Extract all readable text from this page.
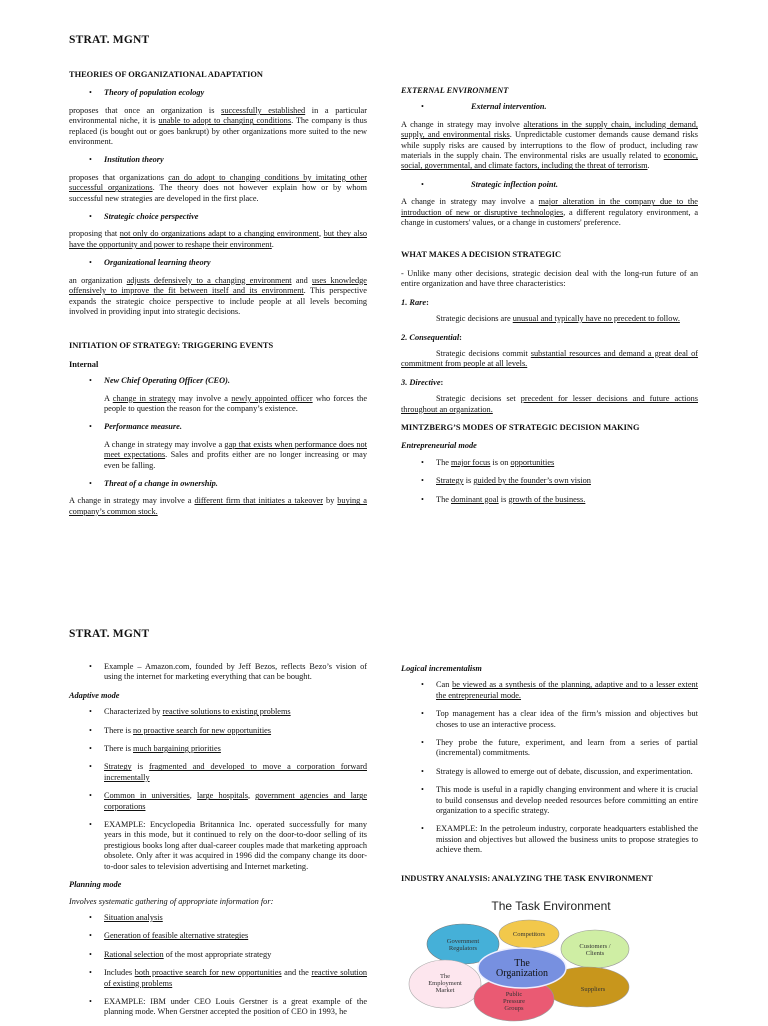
STRAT. MGNT
THEORIES OF ORGANIZATIONAL ADAPTATION
• Theory of population ecology
proposes that once an organization is successfully established in a particular environmental niche, it is unable to adopt to changing conditions. The company is thus replaced (is bought out or goes bankrupt) by other organizations more suited to the new environment.
• Institution theory
proposes that organizations can do adopt to changing conditions by imitating other successful organizations. The theory does not however explain how or by whom successful new strategies are developed in the first place.
• Strategic choice perspective
proposing that not only do organizations adapt to a changing environment, but they also have the opportunity and power to reshape their environment.
• Organizational learning theory
an organization adjusts defensively to a changing environment and uses knowledge offensively to improve the fit between itself and its environment. This perspective expands the strategic choice perspective to include people at all levels becoming involved in providing input into strategic decisions.
INITIATION OF STRATEGY: TRIGGERING EVENTS
Internal
• New Chief Operating Officer (CEO).
A change in strategy may involve a newly appointed officer who forces the people to question the reason for the company’s existence.
• Performance measure.
A change in strategy may involve a gap that exists when performance does not meet expectations. Sales and profits either are no longer increasing or may even be falling.
• Threat of a change in ownership.
A change in strategy may involve a different firm that initiates a takeover by buying a company’s common stock.
EXTERNAL ENVIRONMENT
• External intervention.
A change in strategy may involve alterations in the supply chain, including demand, supply, and environmental risks. Unpredictable customer demands cause demand risks while supply risks are caused by interruptions to the flow of product, including raw materials in the supply chain. The environmental risks are usually related to economic, social, governmental, and climate factors, including the threat of terrorism.
• Strategic inflection point.
A change in strategy may involve a major alteration in the company due to the introduction of new or disruptive technologies, a different regulatory environment, a change in customers' values, or a change in customers' preference.
WHAT MAKES A DECISION STRATEGIC
- Unlike many other decisions, strategic decision deal with the long-run future of an entire organization and have three characteristics:
1. Rare:
Strategic decisions are unusual and typically have no precedent to follow.
2. Consequential:
Strategic decisions commit substantial resources and demand a great deal of commitment from people at all levels.
3. Directive:
Strategic decisions set precedent for lesser decisions and future actions throughout an organization.
MINTZBERG’S MODES OF STRATEGIC DECISION MAKING
Entrepreneurial mode
• The major focus is on opportunities
• Strategy is guided by the founder’s own vision
• The dominant goal is growth of the business.
STRAT. MGNT
• Example – Amazon.com, founded by Jeff Bezos, reflects Bezo’s vision of using the internet for marketing everything that can be bought.
Adaptive mode
• Characterized by reactive solutions to existing problems
• There is no proactive search for new opportunities
• There is much bargaining priorities
• Strategy is fragmented and developed to move a corporation forward incrementally
• Common in universities, large hospitals, government agencies and large corporations
• EXAMPLE: Encyclopedia Britannica Inc. operated successfully for many years in this mode, but it continued to rely on the door-to-door selling of its prestigious books long after dual-career couples made that marketing approach obsolete. Only after it was acquired in 1996 did the company change its door-to-door sales to television advertising and Internet marketing.
Planning mode
Involves systematic gathering of appropriate information for:
• Situation analysis
• Generation of feasible alternative strategies
• Rational selection of the most appropriate strategy
• Includes both proactive search for new opportunities and the reactive solution of existing problems
• EXAMPLE: IBM under CEO Louis Gerstner is a great example of the planning mode. When Gerstner accepted the position of CEO in 1993, he
Logical incrementalism
• Can be viewed as a synthesis of the planning, adaptive and to a lesser extent the entrepreneurial mode.
• Top management has a clear idea of the firm’s mission and objectives but choses to use an interactive process.
• They probe the future, experiment, and learn from a series of partial (incremental) commitments.
• Strategy is allowed to emerge out of debate, discussion, and experimentation.
• This mode is useful in a rapidly changing environment and where it is crucial to build consensus and develop needed resources before committing an entire organization to a specific strategy.
• EXAMPLE: In the petroleum industry, corporate headquarters established the mission and objectives but allowed the business units to propose strategies to achieve them.
INDUSTRY ANALYSIS: ANALYZING THE TASK ENVIRONMENT
The Task Environment
Competitors
Government
Regulators	Customers /
Clients
The
Employment
Market	Suppliers
Public
Pressure
Groups
The
Organization
